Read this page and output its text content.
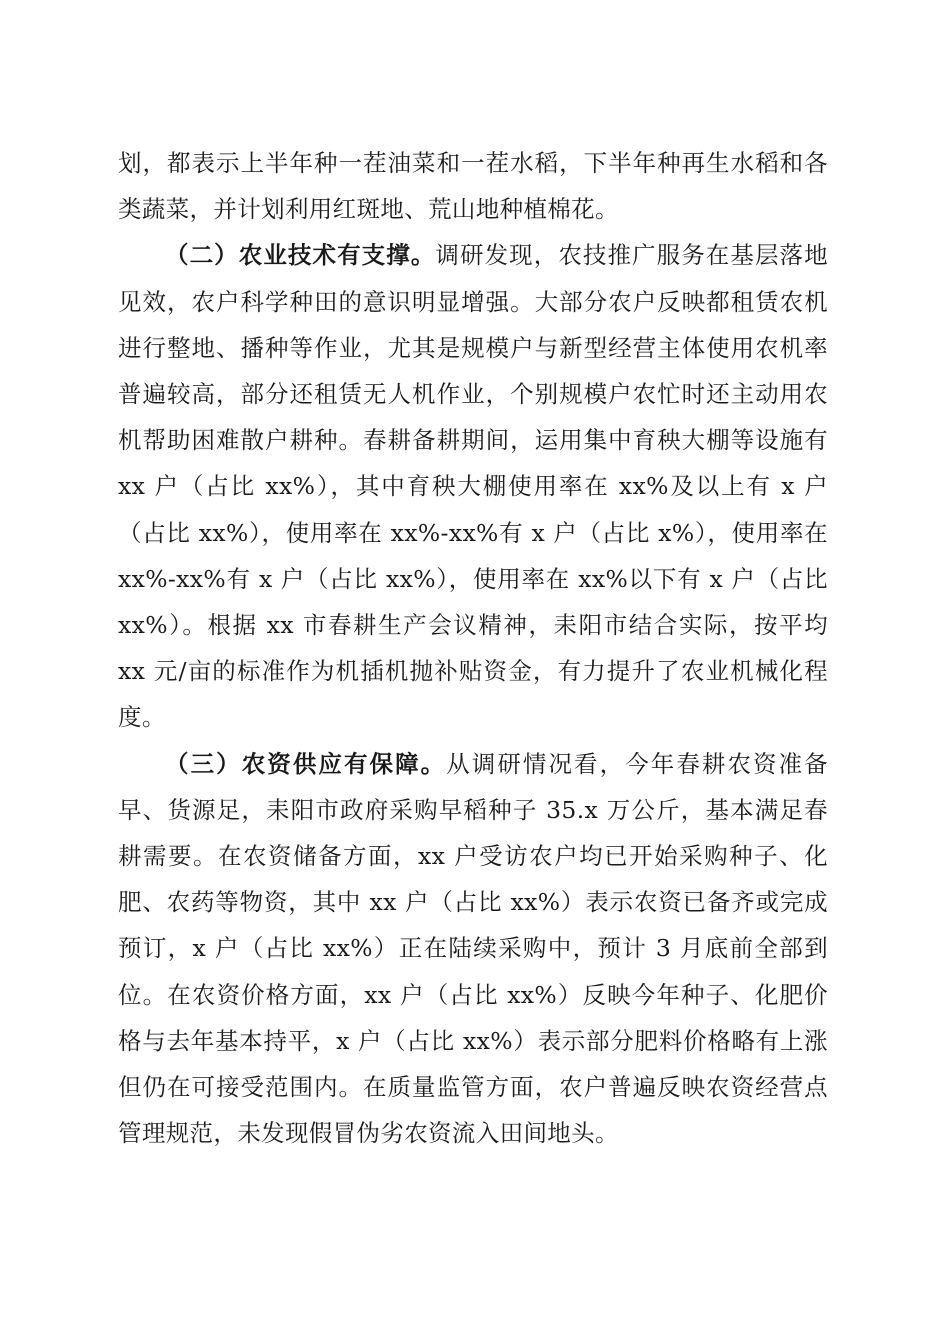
划，都表示上半年种一茬油菜和一茬水稻，下半年种再生水稻和各类蔬菜，并计划利用红斑地、荒山地种植棉花。

（二）农业技术有支撑。调研发现，农技推广服务在基层落地见效，农户科学种田的意识明显增强。大部分农户反映都租赁农机进行整地、播种等作业，尤其是规模户与新型经营主体使用农机率普遍较高，部分还租赁无人机作业，个别规模户农忙时还主动用农机帮助困难散户耕种。春耕备耕期间，运用集中育秧大棚等设施有 xx 户（占比 xx%），其中育秧大棚使用率在 xx%及以上有 x 户（占比 xx%），使用率在 xx%-xx%有 x 户（占比 x%），使用率在 xx%-xx%有 x 户（占比 xx%），使用率在 xx%以下有 x 户（占比 xx%）。根据 xx 市春耕生产会议精神，耒阳市结合实际，按平均 xx 元/亩的标准作为机插机抛补贴资金，有力提升了农业机械化程度。

（三）农资供应有保障。从调研情况看，今年春耕农资准备早、货源足，耒阳市政府采购早稻种子 35.x 万公斤，基本满足春耕需要。在农资储备方面，xx 户受访农户均已开始采购种子、化肥、农药等物资，其中 xx 户（占比 xx%）表示农资已备齐或完成预订，x 户（占比 xx%）正在陆续采购中，预计 3 月底前全部到位。在农资价格方面，xx 户（占比 xx%）反映今年种子、化肥价格与去年基本持平，x 户（占比 xx%）表示部分肥料价格略有上涨但仍在可接受范围内。在质量监管方面，农户普遍反映农资经营点管理规范，未发现假冒伪劣农资流入田间地头。
